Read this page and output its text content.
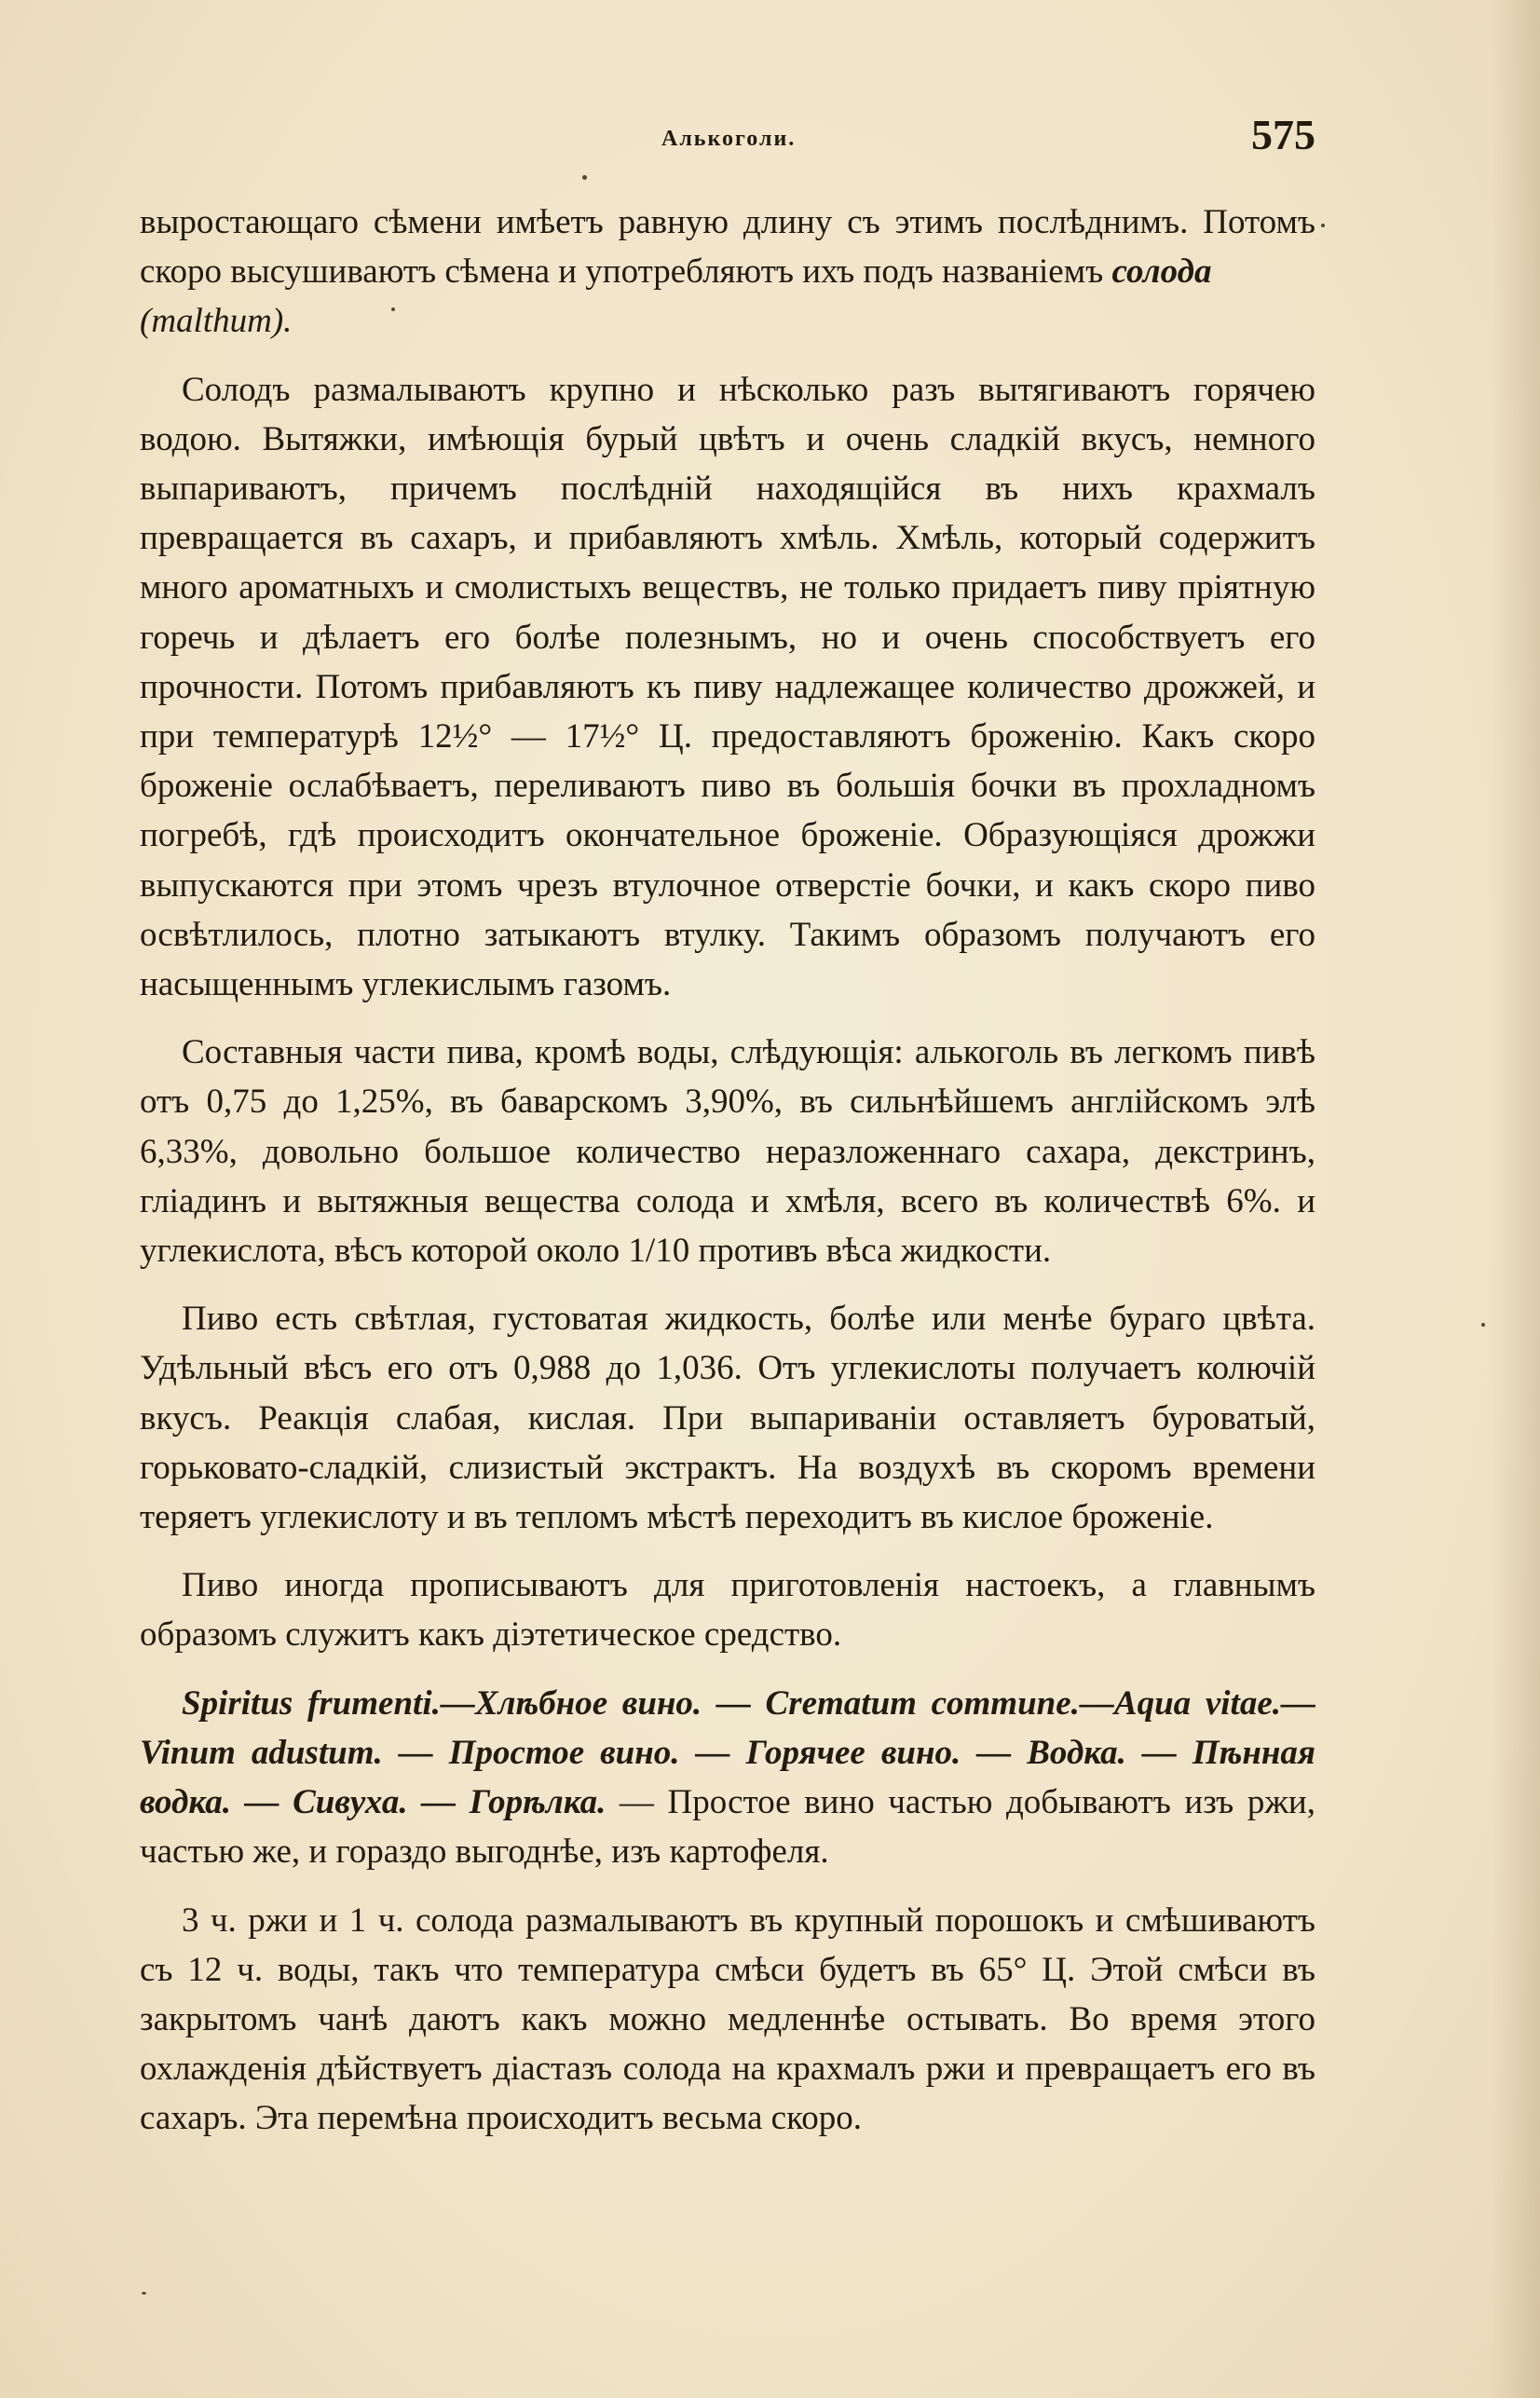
Алькоголи.	575

выростающаго сѣмени имѣетъ равную длину съ этимъ послѣднимъ. Потомъ скоро высушиваютъ сѣмена и употребляютъ ихъ подъ названіемъ солода
(malthum).

Солодъ размалываютъ крупно и нѣсколько разъ вытягиваютъ горячею водою. Вытяжки, имѣющія бурый цвѣтъ и очень сладкій вкусъ, немного выпариваютъ, причемъ послѣдній находящійся въ нихъ крахмалъ превращается въ сахаръ, и прибавляютъ хмѣль. Хмѣль, который содержитъ много ароматныхъ и смолистыхъ веществъ, не только придаетъ пиву пріятную горечь и дѣлаетъ его болѣе полезнымъ, но и очень способствуетъ его прочности. Потомъ прибавляютъ къ пиву надлежащее количество дрожжей, и при температурѣ 12½° — 17½° Ц. предоставляютъ броженію. Какъ скоро броженіе ослабѣваетъ, переливаютъ пиво въ большія бочки въ прохладномъ погребѣ, гдѣ происходитъ окончательное броженіе. Образующіяся дрожжи выпускаются при этомъ чрезъ втулочное отверстіе бочки, и какъ скоро пиво освѣтлилось, плотно затыкаютъ втулку. Такимъ образомъ получаютъ его насыщеннымъ углекислымъ газомъ.

Составныя части пива, кромѣ воды, слѣдующія: алькоголь въ легкомъ пивѣ отъ 0,75 до 1,25%, въ баварскомъ 3,90%, въ сильнѣйшемъ англійскомъ элѣ 6,33%, довольно большое количество неразложеннаго сахара, декстринъ, гліадинъ и вытяжныя вещества солода и хмѣля, всего въ количествѣ 6%. и углекислота, вѣсъ которой около 1/10 противъ вѣса жидкости.

Пиво есть свѣтлая, густоватая жидкость, болѣе или менѣе бураго цвѣта. Удѣльный вѣсъ его отъ 0,988 до 1,036. Отъ углекислоты получаетъ колючій вкусъ. Реакція слабая, кислая. При выпариваніи оставляетъ буроватый, горьковато-сладкій, слизистый экстрактъ. На воздухѣ въ скоромъ времени теряетъ углекислоту и въ тепломъ мѣстѣ переходитъ въ кислое броженіе.

Пиво иногда прописываютъ для приготовленія настоекъ, а главнымъ образомъ служитъ какъ діэтетическое средство.

Spiritus frumenti.—Хлѣбное вино. — Crematum commune.—Aqua vitae.— Vinum adustum. — Простое вино. — Горячее вино. — Водка. — Пѣнная водка. — Сивуха. — Горѣлка. — Простое вино частью добываютъ изъ ржи, частью же, и гораздо выгоднѣе, изъ картофеля.

3 ч. ржи и 1 ч. солода размалываютъ въ крупный порошокъ и смѣшиваютъ съ 12 ч. воды, такъ что температура смѣси будетъ въ 65° Ц. Этой смѣси въ закрытомъ чанѣ даютъ какъ можно медленнѣе остывать. Во время этого охлажденія дѣйствуетъ діастазъ солода на крахмалъ ржи и превращаетъ его въ сахаръ. Эта перемѣна происходитъ весьма скоро.
